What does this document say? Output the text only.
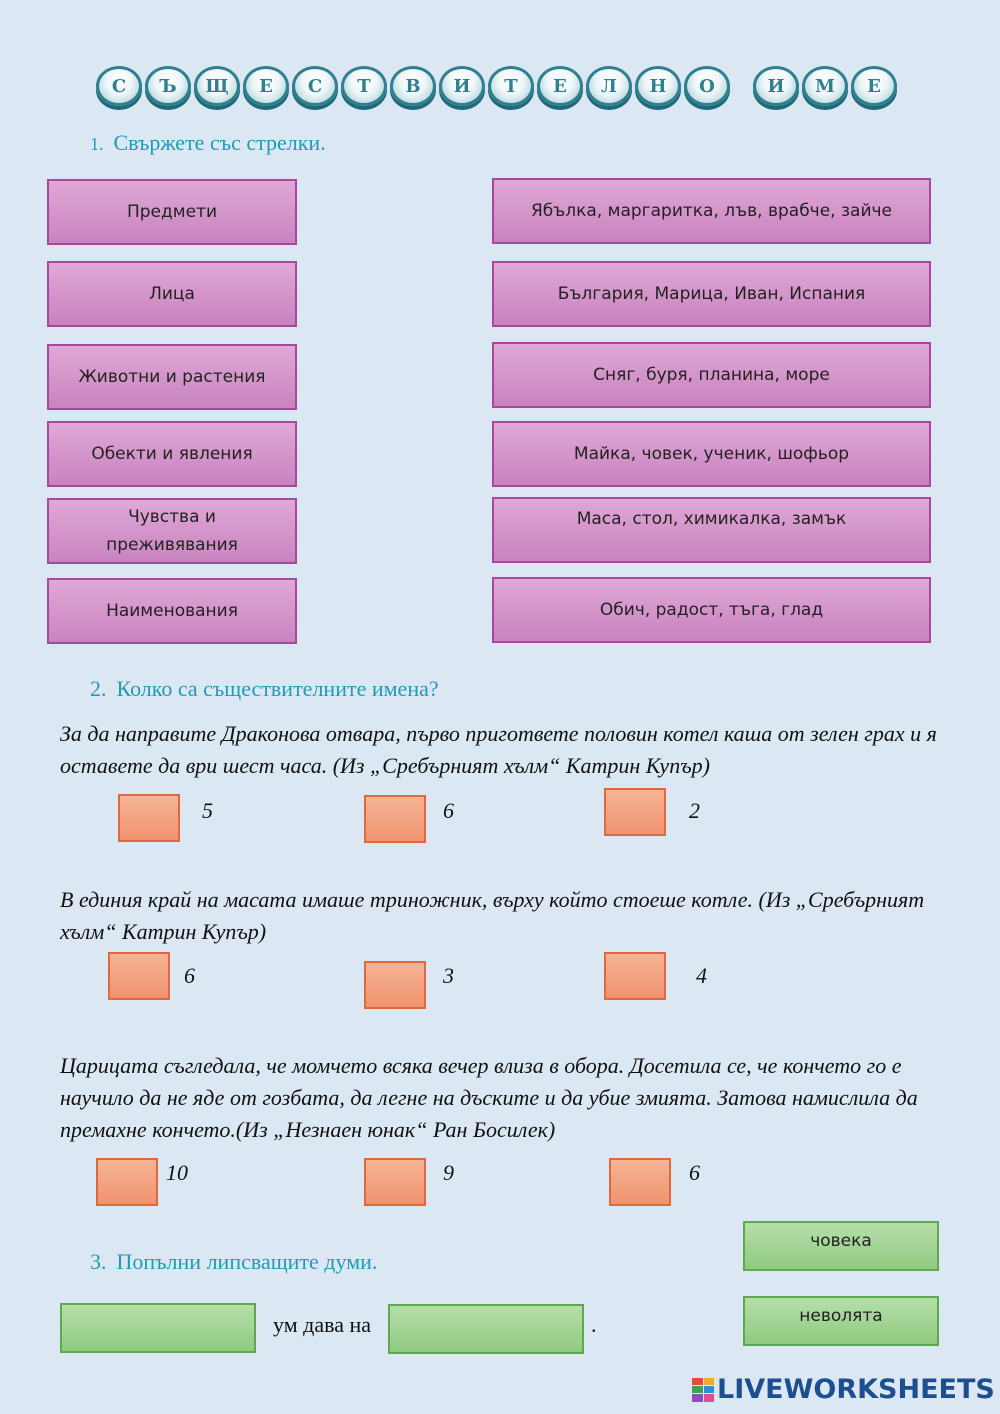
С	Ъ	Щ	Е	С	Т	В	И	Т	Е	Л	Н	О	И	М	Е
1. Свържете със стрелки.
Предмети
Лица
Животни и растения
Обекти и явления
Чувства и преживявания
Наименования
Ябълка, маргаритка, лъв, врабче, зайче
България, Марица, Иван, Испания
Сняг, буря, планина, море
Майка, човек, ученик, шофьор
Маса, стол, химикалка, замък
Обич, радост, тъга, глад
2. Колко са съществителните имена?
За да направите Драконова отвара, първо пригответе половин котел каша от зелен грах и я оставете да ври шест часа. (Из „Сребърният хълм“ Катрин Купър)
5	6	2
В единия край на масата имаше триножник, върху който стоеше котле. (Из „Сребърният хълм“ Катрин Купър)
6	3	4
Царицата съгледала, че момчето всяка вечер влиза в обора. Досетила се, че кончето го е научило да не яде от гозбата, да легне на дъските и да убие змията. Затова намислила да премахне кончето.(Из „Незнаен юнак“ Ран Босилек)
10	9	6
3. Попълни липсващите думи.
човека
неволята
ум дава на	.
LIVEWORKSHEETS
